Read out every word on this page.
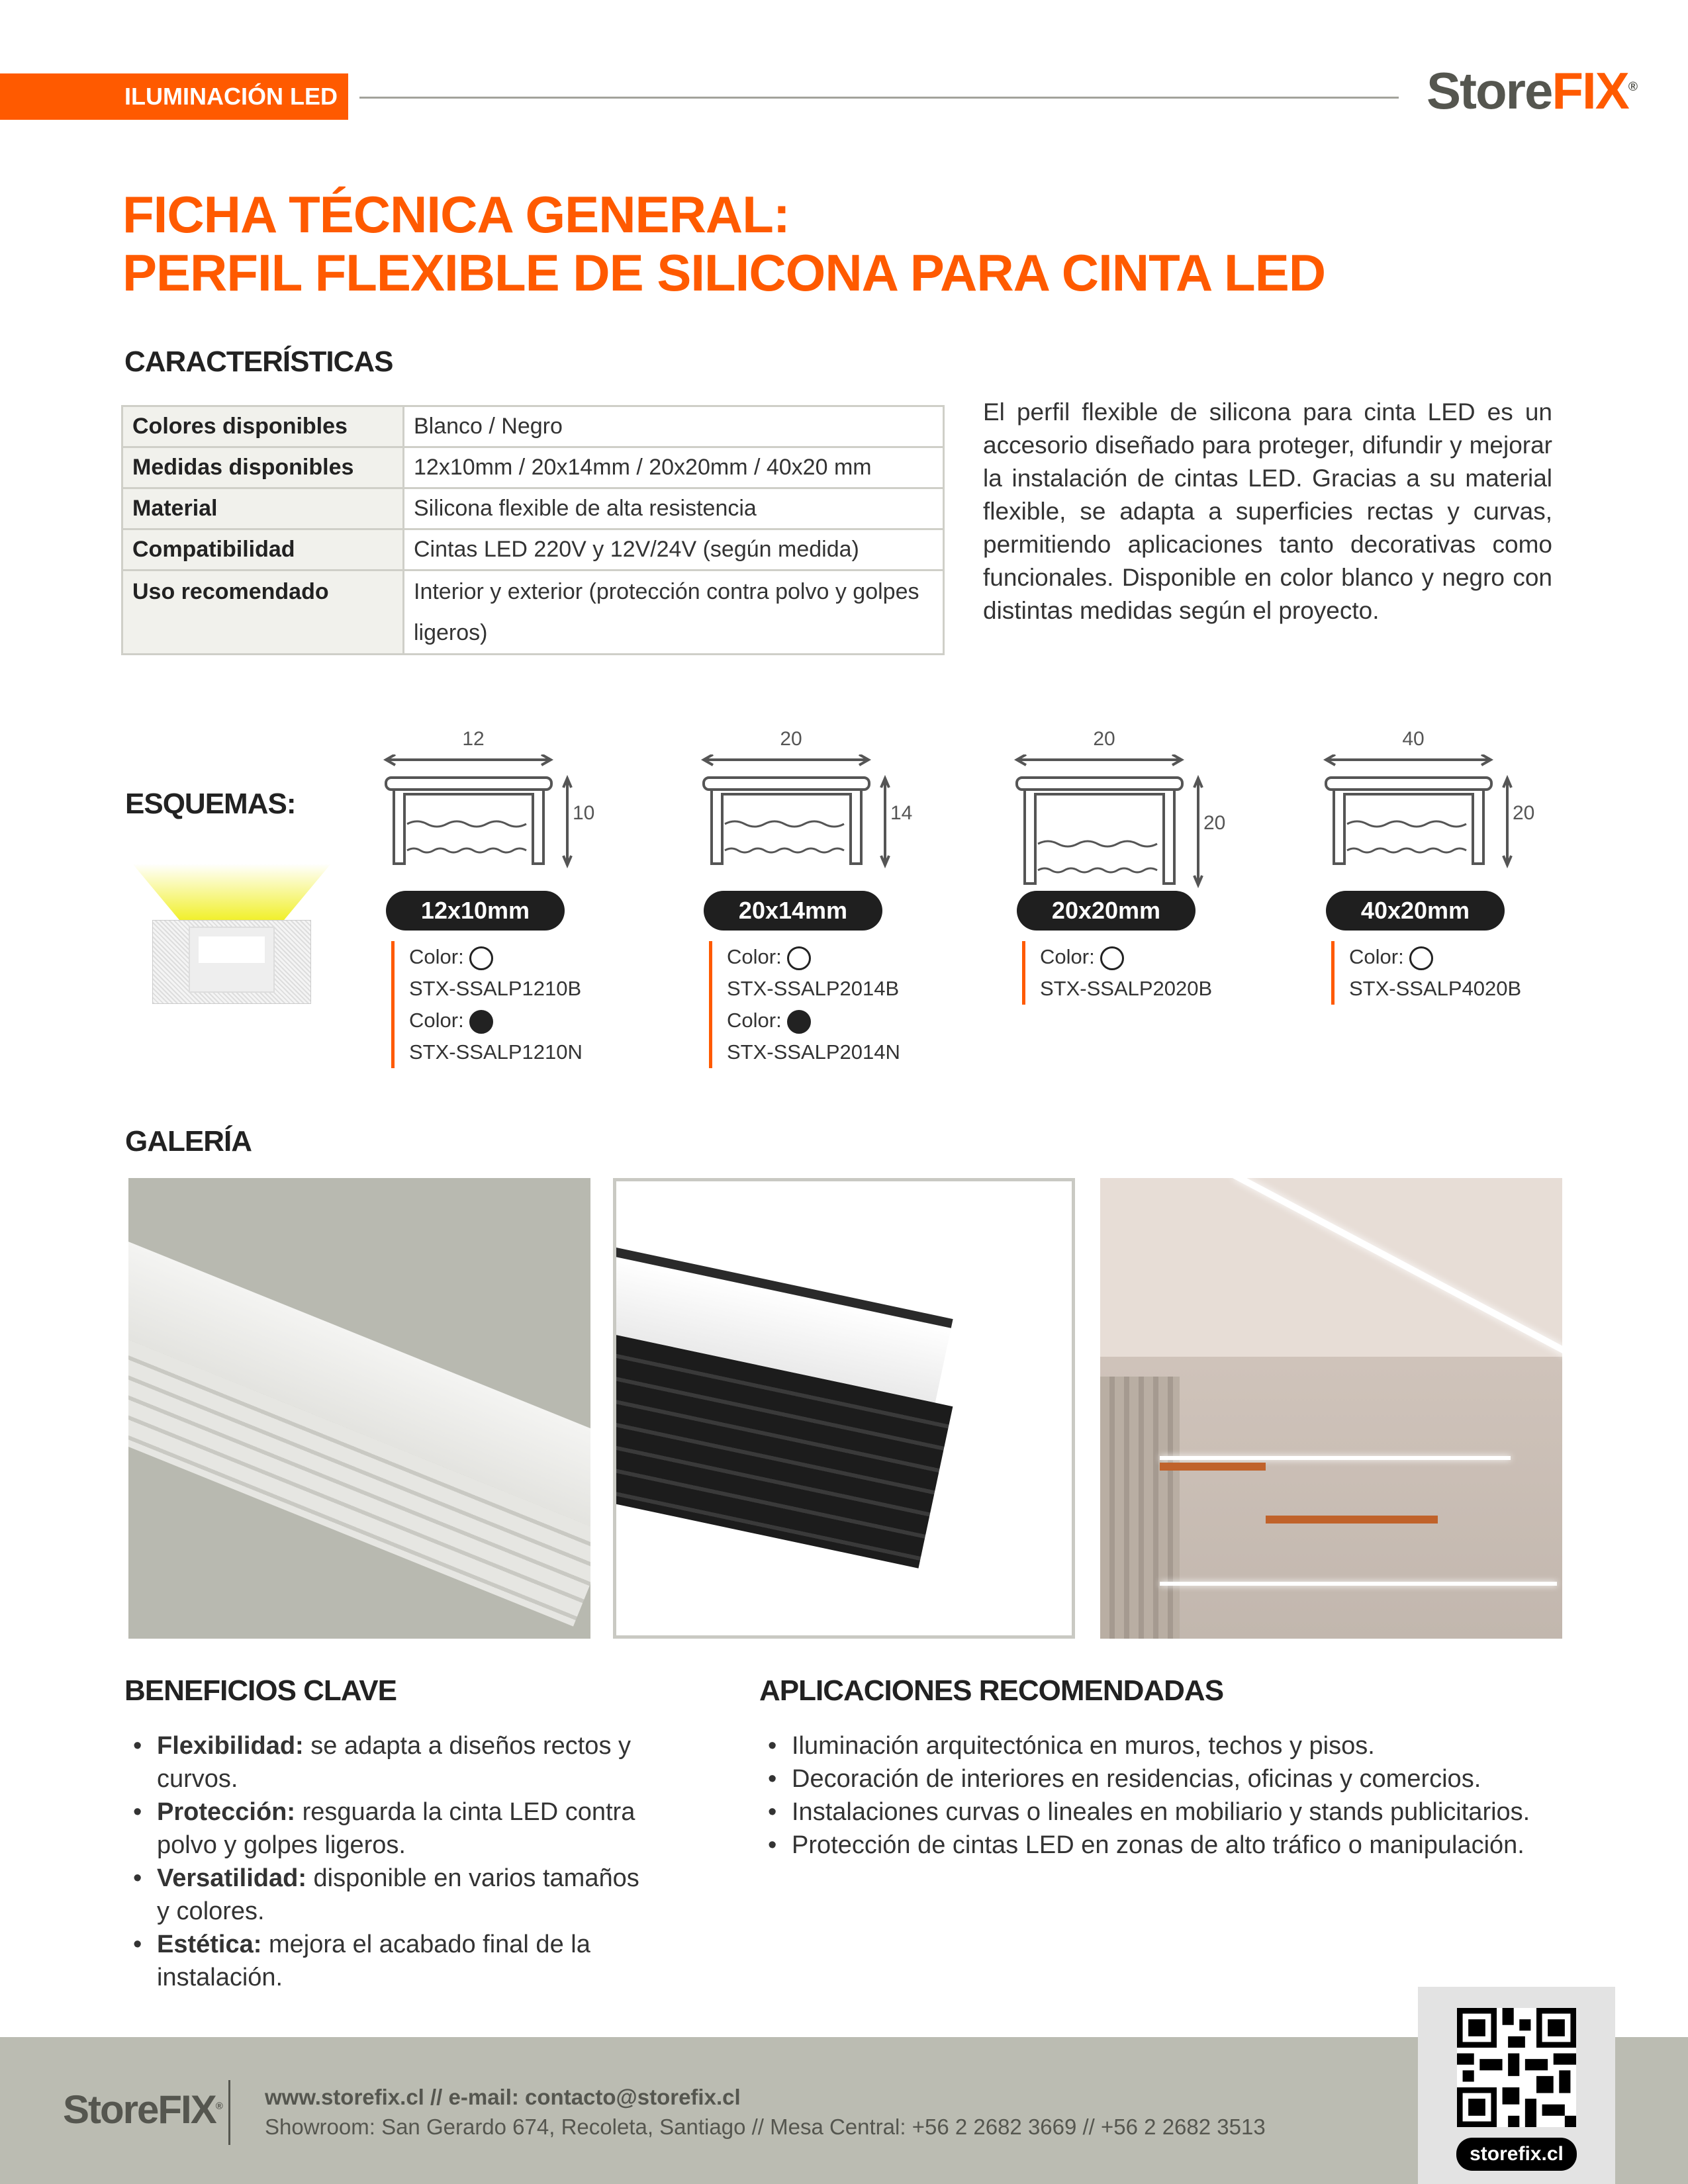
ILUMINACIÓN LED	StoreFIX®
FICHA TÉCNICA GENERAL:
PERFIL FLEXIBLE DE SILICONA PARA CINTA LED
CARACTERÍSTICAS
Colores disponibles	Blanco / Negro
Medidas disponibles	12x10mm / 20x14mm / 20x20mm / 40x20 mm
Material	Silicona flexible de alta resistencia
Compatibilidad	Cintas LED 220V y 12V/24V (según medida)
Uso recomendado	Interior y exterior (protección contra polvo y golpes ligeros)
El perfil flexible de silicona para cinta LED es un accesorio diseñado para proteger, difundir y mejorar la instalación de cintas LED. Gracias a su material flexible, se adapta a superficies rectas y curvas, permitiendo aplicaciones tanto decorativas como funcionales. Disponible en color blanco y negro con distintas medidas según el proyecto.
ESQUEMAS:
12
10
12x10mm
Color:
STX-SSALP1210B
Color:
STX-SSALP1210N
20
14
20x14mm
Color:
STX-SSALP2014B
Color:
STX-SSALP2014N
20
20
20x20mm
Color:
STX-SSALP2020B
40
20
40x20mm
Color:
STX-SSALP4020B
GALERÍA
BENEFICIOS CLAVE
• Flexibilidad: se adapta a diseños rectos y curvos.
• Protección: resguarda la cinta LED contra polvo y golpes ligeros.
• Versatilidad: disponible en varios tamaños y colores.
• Estética: mejora el acabado final de la instalación.
APLICACIONES RECOMENDADAS
• Iluminación arquitectónica en muros, techos y pisos.
• Decoración de interiores en residencias, oficinas y comercios.
• Instalaciones curvas o lineales en mobiliario y stands publicitarios.
• Protección de cintas LED en zonas de alto tráfico o manipulación.
StoreFIX® www.storefix.cl // e-mail: contacto@storefix.cl
Showroom: San Gerardo 674, Recoleta, Santiago // Mesa Central: +56 2 2682 3669 // +56 2 2682 3513
storefix.cl
